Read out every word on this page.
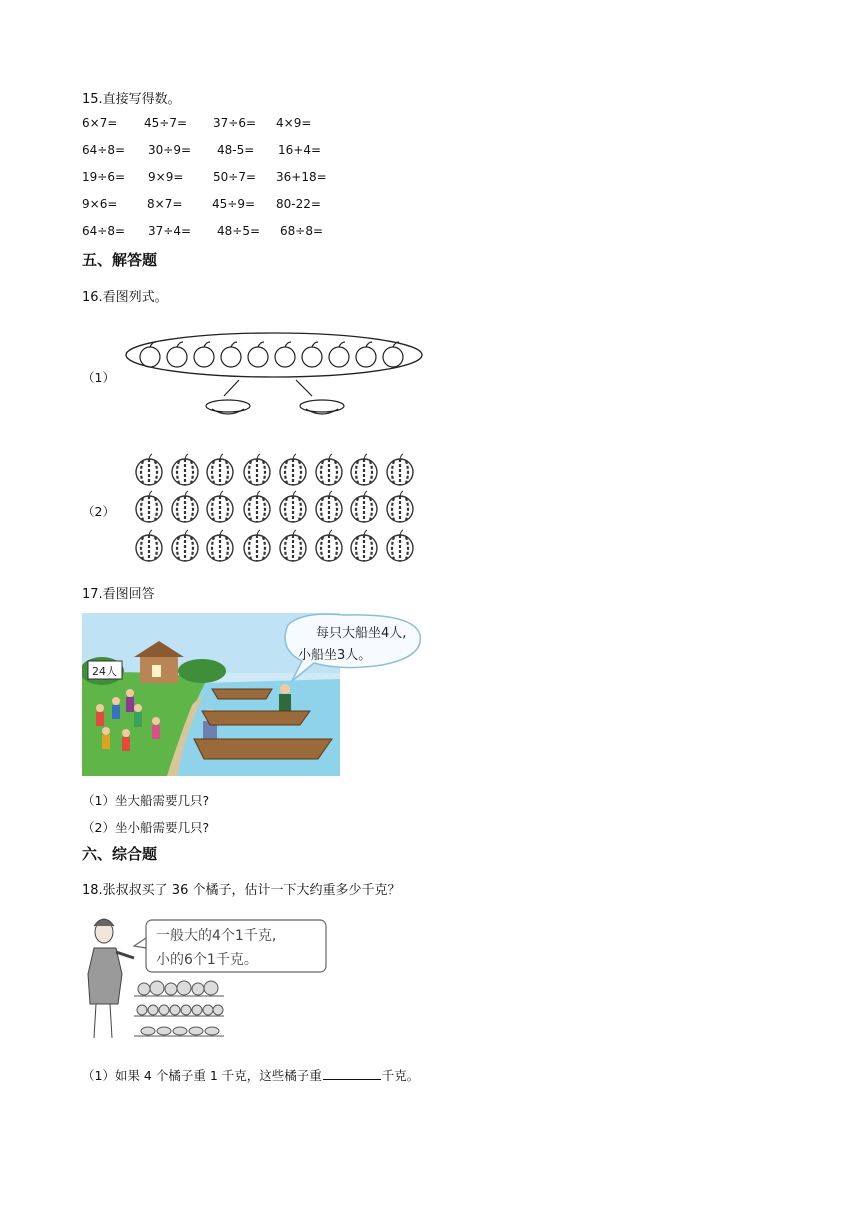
15.直接写得数。
6×7= 45÷7= 37÷6= 4×9=
64÷8= 30÷9= 48-5= 16+4=
19÷6= 9×9= 50÷7= 36+18=
9×6= 8×7= 45÷9= 80-22=
64÷8= 37÷4= 48÷5= 68÷8=
五、解答题
16.看图列式。
（1）
（2）
17.看图回答
24人
每只大船坐4人,
小船坐3人。
（1）坐大船需要几只?
（2）坐小船需要几只?
六、综合题
18.张叔叔买了 36 个橘子，估计一下大约重多少千克？
一般大的4个1千克,
小的6个1千克。
（1）如果 4 个橘子重 1 千克，这些橘子重	千克。
